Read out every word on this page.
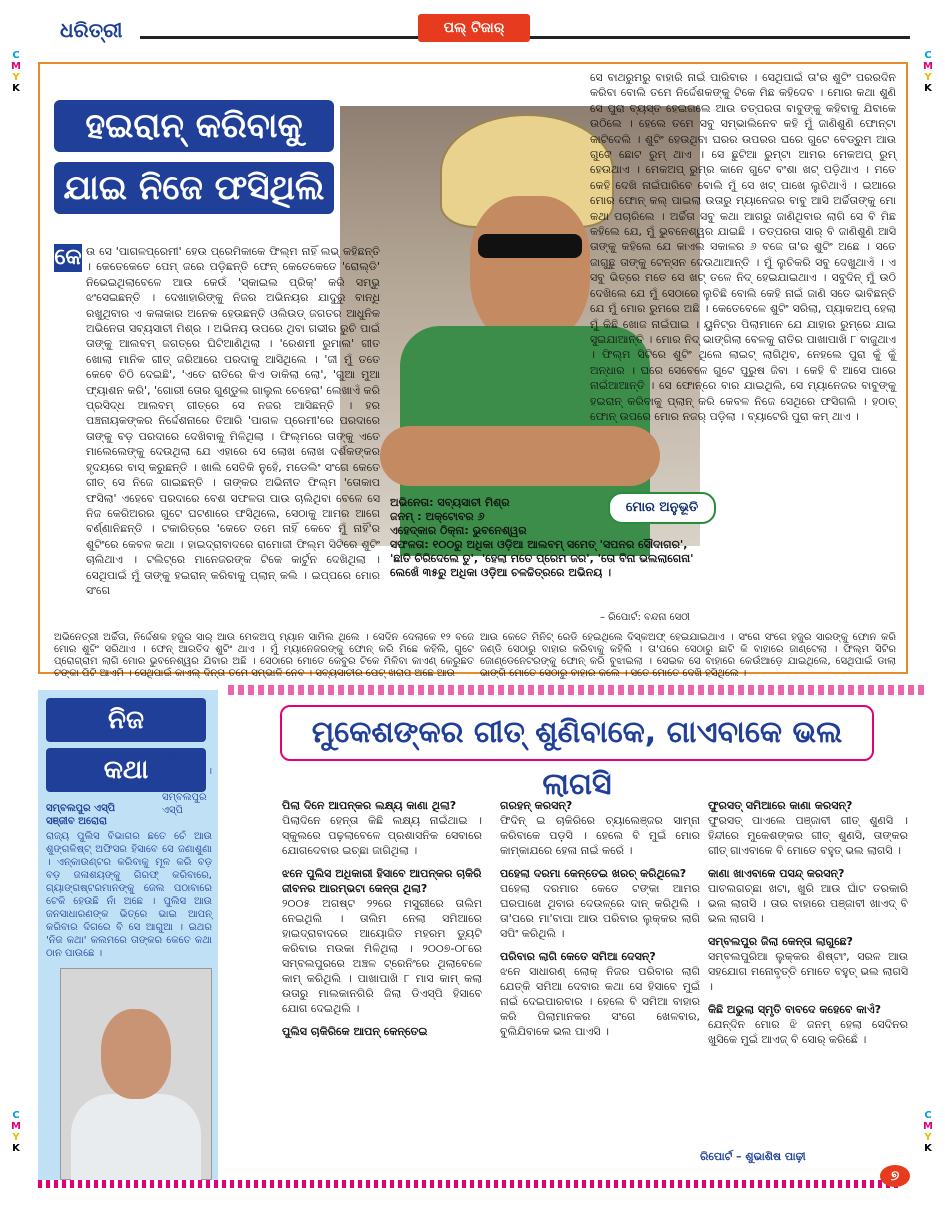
ଧରିତ୍ରୀ	ପଲ୍ ଟିଜାର୍
C
M
Y
K
C
M
Y
K
C
M
Y
K
C
M
Y
K
ହଇରାନ୍ କରିବାକୁ
ଯାଇ ନିଜେ ଫସିଥିଲି
କେ ଉ ସେ 'ପାଗଳପ୍ରେମୀ' ହେଉ ପ୍ରେମିକାକେ ଫିଲ୍ମ ନାହିଁ ଲଭ୍ କହିଛନ୍ତି । କେତେକେତେ ପେମ୍ ଜରେ ପଡ଼ିଛନ୍ତି ଫେନ୍ କେତେକେତେ 'ରୋଲ୍ଡି' ନିଭେଇଥିଲାବେଳେ ଆଉ କେଉଁ 'ସ୍କାଇଲ ପ୍ରିକ୍' କରି ସମ୍ଭୁ ଝଂସେଇଛନ୍ତି । ଦେଖାହାରିଙ୍କୁ ନିଜର ଅଭିନୟର ଯାଦୁରୁ ବାନ୍ଧି ରଖୁଥିବାର ଏ କଳାକାର ଅନେକ ହେଉଛନ୍ତି ଓଲିଉଡ୍ ଜଗତର ଆଧୁନିକ ଅଭିନେତା ସବ୍ୟସାଚୀ ମିଶ୍ର । ଅଭିନୟ ଉପରେ ଥିବା ଗଭୀର ରୁଚି ପାଇଁ ତାଙ୍କୁ ଆଲବମ୍ ଜଗତ୍‌ରେ ଘିଟିଆଣିଥିଲା । 'ରେଶମୀ ରୁମାଲ' ଗୀତ ଖୋଲା ମାନିକ ଗୀତ୍ ଜରିଆରେ ପରଦାକୁ ଆସିଥିଲେ । 'ଜୀ ମୁଁ ତତେ କେବେ ଚିଠି ଦେଇଛି', 'ଏତେ ରାତିରେ କିଏ ଡାକିଲା ଲୋ', 'ଗୁଆ ମୁଆ ଫ୍ୟାଶନ କରି', 'ଗୋରୀ ତୋର ଗୁଣ୍ଡୁଲ ଗାଲୁଲ ଚେହେରା' ଲେଖାଏଁ କରି ପ୍ରସିଦ୍ଧ ଆଲବମ୍ ଗୀତ୍‌ରେ ସେ ନଜର ଆସିଛନ୍ତି । ହର ପଞ୍ଚନାୟକଙ୍କର ନିର୍ଦ୍ଦେଶନାରେ ତିଆରି 'ପାଗଳ ପ୍ରେମୀ'ରେ ପରଦାରେ ତାଙ୍କୁ ବଡ଼ ପରଦାରେ ଦେଖିବାକୁ ମିଳିଥିଲା । ଫିଲ୍ମରେ ତାଙ୍କୁ ଏତେ ମାଲେଲେଙ୍କୁ ଦେଉଥିଲା ଯେ ଏହାରେ ସେ ଲୋଖ ଲୋଖ ଦର୍ଶକଙ୍କର ହୃଦୟରେ ବାସ୍ କରୁଛନ୍ତି । ଖାଲି ସେତିକି ନୁହେଁ, ମଡେଲିଂ ସଂଗେ କେତେ ଗୀତ୍ ସେ ନିଜେ ଗାଇଛନ୍ତି । ତାଙ୍କର ଅଭିନୀତ ଫିଲ୍ମ 'ତୋକାପ ଫସିଲା' ଏହେବେ ପରଦାରେ ବେଶ ସଫଳତା ପାଉ ଚାଲିଥିବା ବେଳେ ସେ ନିଜ କେରିଅରର ଗୁଟେ ଘଟଣାରେ ଫସିଥିଲେ, ସେଠାକୁ ଆମର ଆଗେ ବର୍ଣ୍ଣାନିଛନ୍ତି । ଟକାରିତ୍ରେ 'କେତେ ତମେ ନାହିଁ କେବେ ମୁଁ ନାହିଁ'ର ଶୁଟିଂରେ କେବଳ କଥା । ହାଇଦ୍ରାବାଦରେ ରାମୋଜୀ ଫିଲ୍ମ ସିଟିରେ ଶୁଟିଂ ଚାଲିଥାଏ । ଟଲିଟ୍ରେ ମାନେଜରଙ୍କ ଟିକେ କାର୍ଟୁନ ଦେଖିଥିଲା । ସେଥିପାଇଁ ମୁଁ ତାଙ୍କୁ ହଇରାନ୍ କରିବାକୁ ପ୍ଲାନ୍ କଲି । ଇପ୍ପରେ ମୋର ସଂଗେ
ସେ ବାଥରୁମରୁ ବାହାରି ନାଇଁ ପାରିବାର । ସେଥିପାଇଁ ତା'ର ଶୁଟିଂ ପରରଦିନ କରିବା ବୋଲି ତମେ ନିର୍ଦ୍ଦେଶକଙ୍କୁ ଟିକେ ମିଛ କହିଦେବ । ମୋର କଥା ଶୁଣି ସେ ପୁରା ବ୍ୟସ୍ତ ହେଇଗଲେ ଆଉ ତତ୍ପରତା ବାବୁଙ୍କୁ କହିବାକୁ ଯିବାକେ ଉଠିଲେ । ହେଲେ ତମେ ସବୁ ସମ୍ଭାଲିନେବ କହି ମୁଁ ଜାଣିଶୁଣି ଫୋନ୍‌ଟା କାଟିଦେଲି । ଶୁଟିଂ ହେଉଥିବା ଘରର ଉପରର ଘରେ ଗୁଟେ ବେଡ୍‌ରୁମ ଆଉ ଗୁଟେ ଛୋଟ ରୁମ୍ ଥାଏ । ସେ ଛୁଟିଆ ରୁମ୍‌ଟା ଆମର ମେକଅପ୍ ରୁମ୍ ହେଉଥାଏ । ମେକଅପ୍ ରୁମ୍‌ର କାନେ ଗୁଟେ ବଂଶା ଖଟ୍ ପଡ଼ିଥାଏ । ମତେ କେହି ଦେଖି ନାଇଁପାରିବେ ବୋଲି ମୁଁ ସେ ଖଟ୍ ପାଖେ ଲୁଚିଥାଏଁ । ଇଆରେ ମୋର ଫୋନ୍ କଲ୍ ପାଇଲା ଉତାରୁ ମ୍ୟାନେଜର ବାବୁ ଆସି ଅର୍ଚ୍ଚିତାଙ୍କୁ ମୋ କଥା ପଚାରିଲେ । ଅର୍ଚ୍ଚିତା ସବୁ କଥା ଆଗରୁ ଜାଣିଥିବାର ଲାଗି ସେ ବି ମିଛ କହିଲେ ଯେ, ମୁଁ ଭୁବନେଶ୍ୱର ଯାଇଛି । ତତ୍ପରତା ସାର୍ ବି ଜାଣିଶୁଣି ଆସି ତାଙ୍କୁ କହିଲେ ଯେ କାଏଲ ସକାଳର ୬ ବଜେ ତା'ର ଶୁଟିଂ ଅଛେ । ସତେ ଜାଗୁଛୁ ତାଙ୍କୁ ଟେନ୍‌ସନ ଦେଉଥାଆନ୍ତି । ମୁଁ ଲୁଚିକରି ସବୁ ଦେଖୁଥାଏଁ । ଏ ସବୁ ଭିତ୍ରେ ମତେ ସେ ଖଟ୍ ତଳେ ନିଦ୍ ହେଇଯାଇଥାଏ । ସବୁଦିନ୍ ମୁଁ ଉଠି ଦେଖିଲେ ଯେ ମୁଁ ସେଠାରେ ଲୁଚିଛି ବୋଲି କେହି ନାଇଁ ଜାଣି ସତେ ଭାବିଛନ୍ତି ଯେ ମୁଁ ମୋର ରୁମରେ ଅଛି । କେତେବେଳେ ଶୁଟିଂ ସରିଲା, ପ୍ୟାକଅପ୍ ହେଲା ମୁଁ କିଛି ଖୋଜ ନାଇଁପାଇ । ୟୁନିଟ୍‌ର ପିଲାମାନେ ଯେ ଯାହାର ରୁମ୍‌ରେ ଯାଇ ସୁଇଯାଆନ୍ତି । ମୋର ନିଦ୍ ଭାଙ୍ଗିଲା ବେଳକୁ ରାତିର ପାଖାପାଖି ୮ ବାଜୁଥାଏ । ଫିଲ୍ମ ସିଟିରେ ଶୁଟିଂ ଥିଲେ ଲାଇଟ୍ ଲାଗିଥିବ, ନେହଲେ ପୁରା କୁଁ କୁଁ ଅନ୍ଧାର । ଘରେ ସେବେଳେ ଗୁଟେ ପୁରୁଷ ଜିବା । କେହି ବି ଆସେ ପାରେ ନାଇଁଆଆନ୍ତି । ସେ ଫୋନ୍‌ରେ ବାର ଯାଇଥିଲି, ସେ ମ୍ୟାନେଜର ବାବୁଙ୍କୁ ହଇରାନ୍ କରିବାକୁ ପ୍ଲାନ୍ କରି କେବଳ ନିଜେ ସେଥିରେ ଫସିଗଲି । ହଠାତ୍ ଫୋନ୍ ଉପରେ ମୋର ନଜର୍ ପଡ଼ିଲା । ବ୍ୟାଟେରି ପୁରା କମ୍ ଥାଏ ।
ମୋର ଅନୁଭୂତି
ଅଭିନେତା: ସବ୍ୟସାଚୀ ମିଶ୍ର
ଜନମ୍ : ଅକ୍ଟୋବର ୬
ଏହେଦ୍‌କାର ଠିକ୍‌ନା: ଭୁବନେଶ୍ୱର
ସଫଳତା: ୧୦୦ରୁ ଅଧିକା ଓଡ଼ିଆ ଆଲବମ୍ ସମେତ୍ 'ସପନର ସୌଦାଗର', 'ଛାତି ଚିରିଦେଲେ ତୁ', 'ହେଲା ମତେ ପ୍ରେମ ଜର', 'ତୋ ବିନା ଭଲଲାଗେନା' ଲେଖେଁ ୩୫ରୁ ଅଧିକା ଓଡ଼ିଆ ଚଳଚ୍ଚିତ୍ରରେ ଅଭିନୟ ।
– ରିପୋର୍ଟ: ବନ୍ଦନା ସେଠୀ
ଅଭିନେତ୍ରୀ ଅର୍ଚ୍ଚିତା, ନିର୍ଦ୍ଦେଶକ ହଜୁର ସାର୍ ଆଉ ମେକଅପ୍ ମ୍ୟାନ ସାମିଲ ଥିଲେ । ସେଦିନ ଦେଲାକେ ୧୨ ବଜେ ମୋର ଶୁଟିଂ ସରିଥାଏ । ଫେନ୍ ଆରତିଦ ଶୁଟିଂ ଥାଏ । ମୁଁ ମ୍ୟାନେଜରଙ୍କୁ ଫୋନ୍ କରି ମିଛେ କହିଲି, ଗୁଟେ ପ୍ରୋଗ୍ରାମ ଲାଗି ମୋର ଭୁବନେଶ୍ୱର ଯିବାର ଅଛି । ସେଠାରେ ମୋତେ କେବୁର ଟିକେ ମିଳିବା କାଏଣ୍ କେରୁଛତ ଟଙ୍କା ପିଟି ଆଏମି । ସେଥିପାଇଁ କାଏଲ୍ ଦିନ୍ତା ତମେ ସମ୍ଭାଳି ନେବ । ସବ୍ୟସାଚୀର ପେଟ୍ ଖରାପ ଅଛେ ଆଉ
ଆଉ କେତେ ମିନିଟ୍ ରେଡି ହେଇଥିଲେ ଦିସ୍କଅଫ୍ ହେଇଯାଇଥାଏ । ସଂଗେ ସଂଗେ ହଜୁର ସାରଙ୍କୁ ଫୋନ କରି ଜଣ୍ଡି ସେଠାରୁ ବାହାର କରିବାକୁ କହିଲି । ତା'ପରେ ସେଠାରୁ ଛାଟି କି ବାହାରେ ଜାଣ୍ଟେଲା । ଫିଲ୍ମ ସିଟିର ଜୋଣ୍ଡେନେଟରଙ୍କୁ ଫୋନ୍ କରି ବୁଝାଇଲା । ସେଇକ ସେ ବାହାରେ କେଉଁଆଡ଼େ ଯାଇଥିଲେ, ସେଥିପାଇଁ ଡାଲା ଭାଙ୍ଗି ମୋତେ ସେଠାରୁ ବାହାର କଲେ । ସତେ ମୋତେ ଦେଖି ହସିଥିଲେ ।
ନିଜ
କଥା
ସମ୍ବଲପୁର ଏସ୍‌ପି
ସଞ୍ଜୀବ ଅରୋରା
ସଞ୍ଜୀବ ଅରୋରା । ଏହେଦେ ସମ୍ବଲପୁର ଏସ୍‌ପି
ରାଜ୍ୟ ପୁଲିସ ବିଭାଗର ଛତେ ଚେଁ ଆଉ ଶୁଙ୍ଗଳିଷ୍ଟ୍ ଅଫିସର ହିସାବେ ସେ ଜଣାଶୁଣା । ଏନ୍‌କାଉଣ୍ଟର କରିବାକୁ ମୂଳ କରି ବଡ଼ ବଡ଼ ଜଳାଶୟଙ୍କୁ ଗିରଫ୍ କରିବାରେ, ଗ୍ୟାଙ୍ଗଷ୍ଟରମାନଙ୍କୁ ଜେଲ ପଠାବାରେ ଟେକି ହେଉଛି ନାଁ ଅଛେ । ପୁଲିସ ଆଉ ଜନସାଧାରଣଙ୍କ ଭିତ୍ରେ ଭାଇ ଆପନ୍ କରିବାର ଦିଗରେ ବି ସେ ଆଗୁଆ । ଇଥର 'ନିଜ କଥା' କଲମରେ ତାଙ୍କର କେତେ କଥା ଠାନ ପାଉଛେ ।
ମୁକେଶଙ୍କର ଗୀତ୍ ଶୁଣିବାକେ, ଗାଏବାକେ ଭଲ ଲାଗସି
ପିଲା ଦିନେ ଆପନ୍‌କର ଲକ୍ଷ୍ୟ କାଣା ଥିଲା?
ପିଲାଦିନେ ହେନ୍ତା କିଛି ଲକ୍ଷ୍ୟ ନାଇଁଥାଇ । ସ୍କୁଲରେ ପଢ଼ଲାବେଳେ ପ୍ରଶାସନିକ ସେବାରେ ଯୋଗଦେବାର ଇଚ୍ଛା ଜାଗିଥିଲା ।
ଝନେ ପୁଲିସ ଅଧିକାରୀ ହିସାବେ ଆପନ୍‌କର ଚାକିରି ଜୀବନର ଆରମ୍ଭଟା କେନ୍ତା ଥିଲା?
୨୦୦୫ ଅଗଷ୍ଟ ୨୨ରେ ମସୁରୀରେ ତାଲିମ ନେଇଥିଲି । ତାଲିମ ନେଲା ସମିଆରେ ହାଇଦ୍ରାବାଦରେ ଆୟୋଜିତ ମହରମ ଡ୍ୟୁଟି କରିବାର ମଉକା ମିଳିଥିଲା । ୨୦୦୭-୦୮ରେ ସମ୍ବଲପୁରରେ ଅଞ୍ଚଳ ଟ୍ରେନିଂରେ ଥିଲାବେଳେ କାମ୍ କରିଥିଲି । ପାଖାପାଖି ୮ ମାସ କାମ୍ କଲା ଉତାରୁ ମାଲକାନଗିରି ଜିଲା ଡିଏସ୍‌ପି ହିସାବେ ଯୋଗ ଦେଇଥିଲି ।
ପୁଲିସ ଚାକିରିକେ ଆପନ୍ କେନ୍ତେଇ
ଗରହନ୍ କରସନ୍?
ଫିଦିନ୍ ଇ ଚାକିରିରେ ଚ୍ୟାଲେଞ୍ଜର ସାମ୍‌ନା କରିବାକେ ପଡ଼ସି । ହେଲେ ବି ମୁଇଁ ମୋର କାମ୍‌କାଯରେ ହେଳା ନାଇଁ କରେଁ ।
ପହେଲା ଦରମା କେନ୍ତେଇ ଖରଚ୍ କରିଥିଲେ?
ପହେଲା ଦରମାର କେତେ ଟଙ୍କା ଆମର ଘରପାଖେ ଥିବାର ଦେଉଳ୍‌ରେ ଦାନ୍ କରିଥିଲି । ତା'ପରେ ମା'ବାପା ଆଉ ପରିବାର ଲୁକ୍‌କର ଲାଗି ସପିଂ କରିଥିଲି ।
ପରିବାର ଲାଗି କେତେ ସମିଆ ଦେସନ୍?
ଝନେ ସାଧାରଣ୍ ଲୋକ୍ ନିଜର ପରିବାର ଲାଗି ଯେତ୍କି ସମିଆ ଦେବାର କଥା ସେ ହିସାବେ ମୁଇଁ ନାଇଁ ଦେଇପାରବାର । ହେଲେ ବି ସମିଆ ବାହାର କରି ପିଲାମାନକର ସଂଗେ ଖେଳବାର, ବୁଲିଯିବାକେ ଭଲ ପାଏସି ।
ଫୁରସତ୍ ସମିଆରେ କାଣା କରସନ୍?
ଫୁରସତ୍ ପାଏଲେ ପଞ୍ଜାବୀ ଗୀତ୍ ଶୁଣସି । ହିନ୍ଦୀରେ ମୁକେଶଙ୍କର ଗୀତ୍ ଶୁଣସି, ତାଙ୍କର ଗୀତ୍ ଗାଏବାକେ ବି ମୋତେ ବହୁତ୍ ଭଲ ଲାଗସି ।
କାଣା ଖାଏବାକେ ପସନ୍ଦ୍ କରସନ୍?
ପାଚଲଗଚ୍ଛା ଖଟା, ଖୁରି ଆଉ ଘାଁଟ ତରକାରି ଭଲ ଲାଗସି । ତାର ବାହାରେ ପଞ୍ଜାବୀ ଖାଏଦ୍ ବି ଭଲ ଲାଗସି ।
ସମ୍ବଲପୁର ଜିଲା କେନ୍ତା ଲାଗୁଛେ?
ସମ୍ବଲପୁରିଆ ଲୁକ୍‌କର ଶିଷ୍ଟାଂ, ସରଳ ଆଉ ସହଯୋଗ ମନୋବୃତ୍ତି ମୋତେ ବହୁତ୍ ଭଲ ଲାଗସି ।
କିଛି ଅଭୁଲା ସ୍ମୃତି ବାବଦେ କହେବେ କାଏଁ?
ଯେନ୍‌ଦିନ ମୋର ଝି ଜନମ୍ ହେଲା ସେଦିନର ଖୁସିକେ ମୁଇଁ ଆଏଜ୍ ବି ସୋର୍ କରିଛେଁ ।
ରିପୋର୍ଟ – ଶୁଭାଶିଷ ପାଢ଼ୀ
୭
